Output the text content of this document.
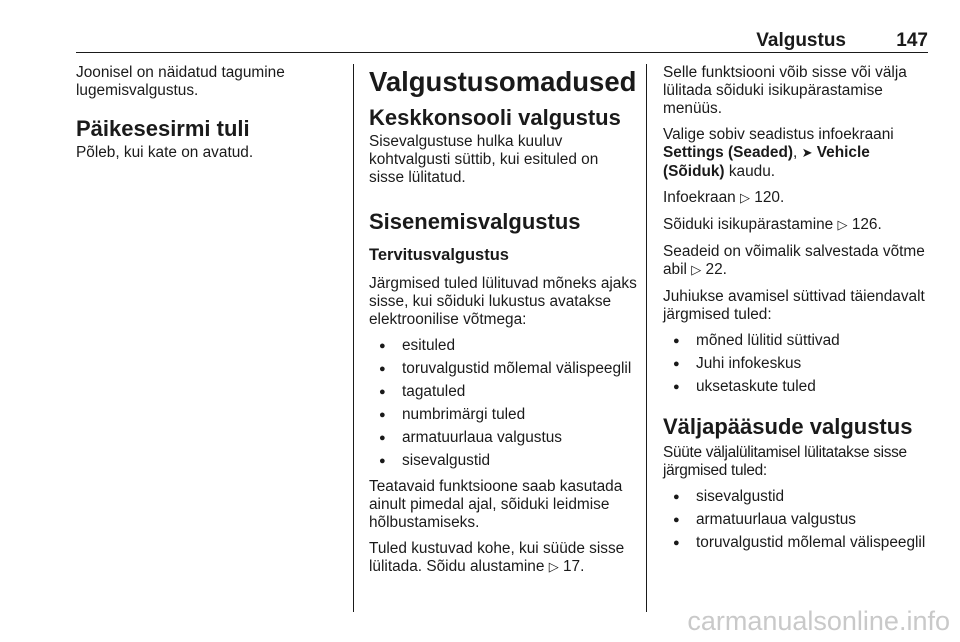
Valgustus	147

Joonisel on näidatud tagumine lugemisvalgustus.

Päikesesirmi tuli

Põleb, kui kate on avatud.

Valgustusomadused
Keskkonsooli valgustus

Sisevalgustuse hulka kuuluv kohtvalgusti süttib, kui esituled on sisse lülitatud.

Sisenemisvalgustus
Tervitusvalgustus

Järgmised tuled lülituvad mõneks ajaks sisse, kui sõiduki lukustus avatakse elektroonilise võtmega:

● esituled
● toruvalgustid mõlemal välispeeglil
● tagatuled
● numbrimärgi tuled
● armatuurlaua valgustus
● sisevalgustid

Teatavaid funktsioone saab kasutada ainult pimedal ajal, sõiduki leidmise hõlbustamiseks.

Tuled kustuvad kohe, kui süüde sisse lülitada. Sõidu alustamine ▷ 17.

Selle funktsiooni võib sisse või välja lülitada sõiduki isikupärastamise menüüs.

Valige sobiv seadistus infoekraani Settings (Seaded), ➤ Vehicle (Sõiduk) kaudu.

Infoekraan ▷ 120.

Sõiduki isikupärastamine ▷ 126.

Seadeid on võimalik salvestada võtme abil ▷ 22.

Juhiukse avamisel süttivad täiendavalt järgmised tuled:

● mõned lülitid süttivad
● Juhi infokeskus
● uksetaskute tuled
Väljapääsude valgustus

Süüte väljalülitamisel lülitatakse sisse järgmised tuled:

● sisevalgustid
● armatuurlaua valgustus
● toruvalgustid mõlemal välispeeglil
carmanualsonline.info
